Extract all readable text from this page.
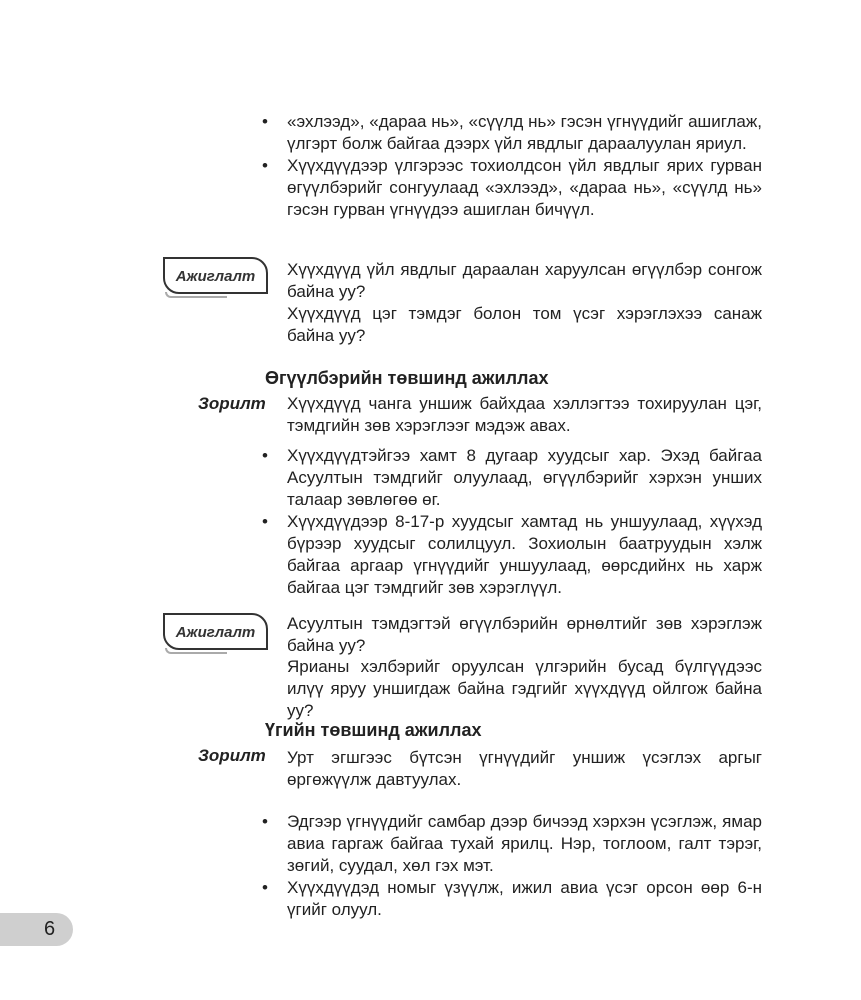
• «эхлээд», «дараа нь», «сүүлд нь» гэсэн үгнүүдийг ашиглаж, үлгэрт болж байгаа дээрх үйл явдлыг дараалуулан яриул.
• Хүүхдүүдээр үлгэрээс тохиолдсон үйл явдлыг ярих гурван өгүүлбэрийг сонгуулаад «эхлээд», «дараа нь», «сүүлд нь» гэсэн гурван үгнүүдээ ашиглан бичүүл.
Ажиглалт	Хүүхдүүд үйл явдлыг дараалан харуулсан өгүүлбэр сонгож байна уу?

Хүүхдүүд цэг тэмдэг болон том үсэг хэрэглэхээ санаж байна уу?

Өгүүлбэрийн төвшинд ажиллах

Зорилт Хүүхдүүд чанга уншиж байхдаа хэллэгтээ тохируулан цэг, тэмдгийн зөв хэрэглээг мэдэж авах.

• Хүүхдүүдтэйгээ хамт 8 дугаар хуудсыг хар. Эхэд байгаа Асуултын тэмдгийг олуулаад, өгүүлбэрийг хэрхэн унших талаар зөвлөгөө өг.
• Хүүхдүүдээр 8-17-р хуудсыг хамтад нь уншуулаад, хүүхэд бүрээр хуудсыг солилцуул. Зохиолын баатруудын хэлж байгаа аргаар үгнүүдийг уншуулаад, өөрсдийнх нь харж байгаа цэг тэмдгийг зөв хэрэглүүл.
Ажиглалт	Асуултын тэмдэгтэй өгүүлбэрийн өрнөлтийг зөв хэрэглэж байна уу?

Ярианы хэлбэрийг оруулсан үлгэрийн бусад бүлгүүдээс илүү яруу уншигдаж байна гэдгийг хүүхдүүд ойлгож байна уу?

Үгийн төвшинд ажиллах

Зорилт Урт эгшгээс бүтсэн үгнүүдийг уншиж үсэглэх аргыг өргөжүүлж давтуулах.

• Эдгээр үгнүүдийг самбар дээр бичээд хэрхэн үсэглэж, ямар авиа гаргаж байгаа тухай ярилц. Нэр, тоглоом, галт тэрэг, зөгий, суудал, хөл гэх мэт.
• Хүүхдүүдэд номыг үзүүлж, ижил авиа үсэг орсон өөр 6-н үгийг олуул.
6
